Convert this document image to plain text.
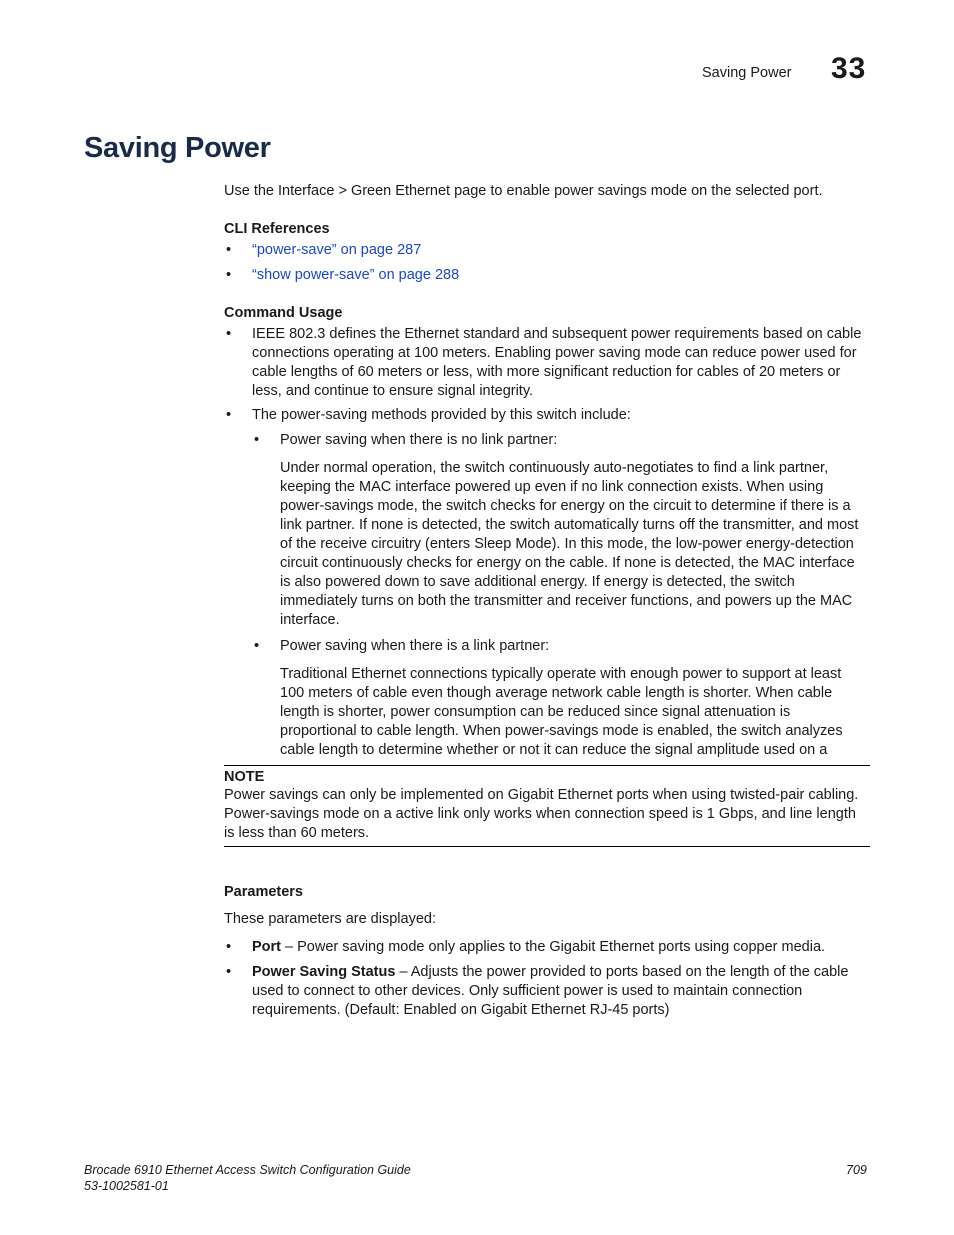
Saving Power 33
Saving Power
Use the Interface > Green Ethernet page to enable power savings mode on the selected port.
CLI References
• “power-save” on page 287
• “show power-save” on page 288
Command Usage
• IEEE 802.3 defines the Ethernet standard and subsequent power requirements based on cable connections operating at 100 meters. Enabling power saving mode can reduce power used for cable lengths of 60 meters or less, with more significant reduction for cables of 20 meters or less, and continue to ensure signal integrity.
• The power-saving methods provided by this switch include:
• Power saving when there is no link partner:
Under normal operation, the switch continuously auto-negotiates to find a link partner, keeping the MAC interface powered up even if no link connection exists. When using power-savings mode, the switch checks for energy on the circuit to determine if there is a link partner. If none is detected, the switch automatically turns off the transmitter, and most of the receive circuitry (enters Sleep Mode). In this mode, the low-power energy-detection circuit continuously checks for energy on the cable. If none is detected, the MAC interface is also powered down to save additional energy. If energy is detected, the switch immediately turns on both the transmitter and receiver functions, and powers up the MAC interface.
• Power saving when there is a link partner:
Traditional Ethernet connections typically operate with enough power to support at least 100 meters of cable even though average network cable length is shorter. When cable length is shorter, power consumption can be reduced since signal attenuation is proportional to cable length. When power-savings mode is enabled, the switch analyzes cable length to determine whether or not it can reduce the signal amplitude used on a
NOTE
Power savings can only be implemented on Gigabit Ethernet ports when using twisted-pair cabling. Power-savings mode on a active link only works when connection speed is 1 Gbps, and line length is less than 60 meters.
Parameters
These parameters are displayed:
• Port – Power saving mode only applies to the Gigabit Ethernet ports using copper media.
• Power Saving Status – Adjusts the power provided to ports based on the length of the cable used to connect to other devices. Only sufficient power is used to maintain connection requirements. (Default: Enabled on Gigabit Ethernet RJ-45 ports)
Brocade 6910 Ethernet Access Switch Configuration Guide
53-1002581-01
709
